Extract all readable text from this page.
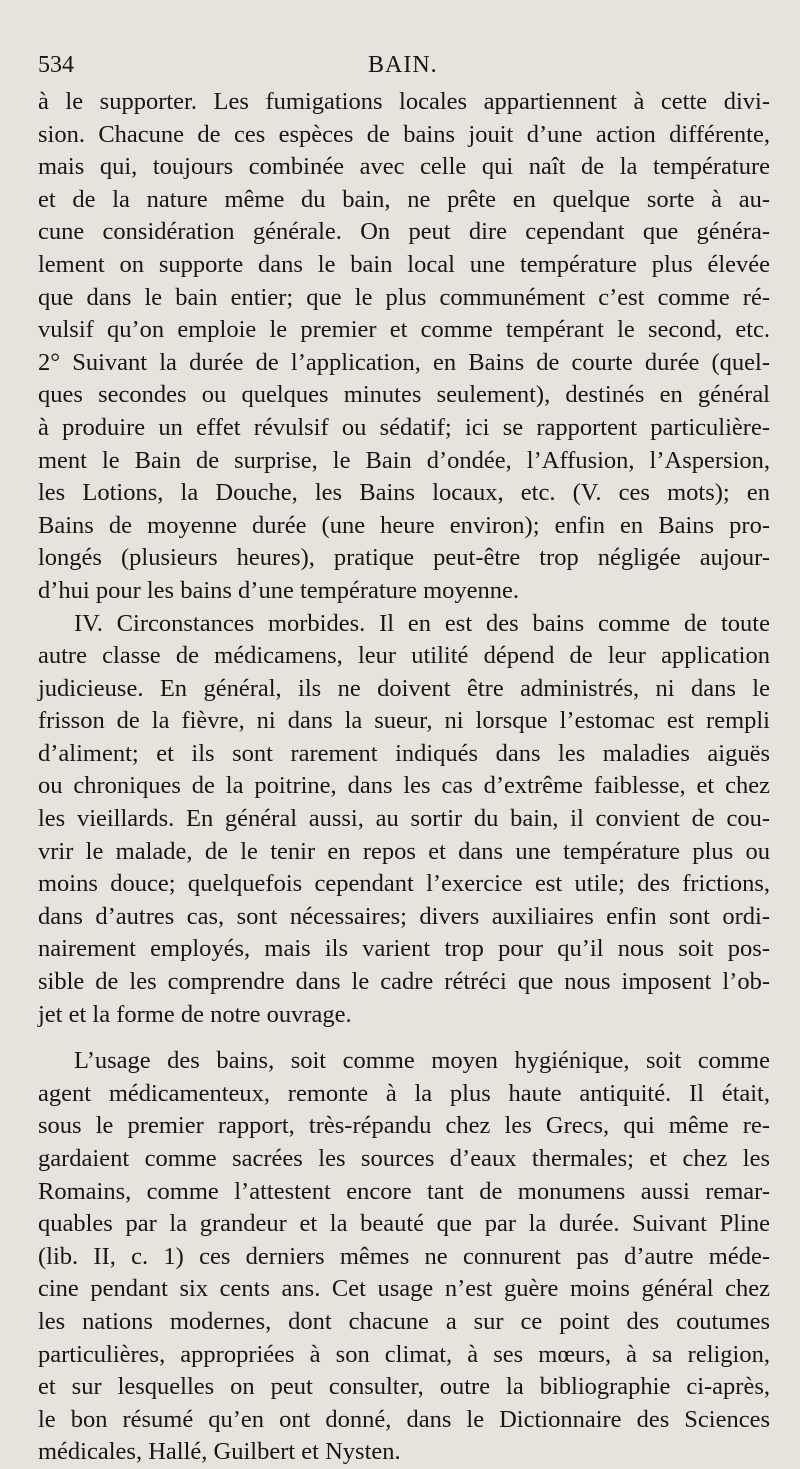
534	BAIN.
à le supporter. Les fumigations locales appartiennent à cette divi-
sion. Chacune de ces espèces de bains jouit d’une action différente,
mais qui, toujours combinée avec celle qui naît de la température
et de la nature même du bain, ne prête en quelque sorte à au-
cune considération générale. On peut dire cependant que généra-
lement on supporte dans le bain local une température plus élevée
que dans le bain entier; que le plus communément c’est comme ré-
vulsif qu’on emploie le premier et comme tempérant le second, etc.
2° Suivant la durée de l’application, en Bains de courte durée (quel-
ques secondes ou quelques minutes seulement), destinés en général
à produire un effet révulsif ou sédatif; ici se rapportent particulière-
ment le Bain de surprise, le Bain d’ondée, l’Affusion, l’Aspersion,
les Lotions, la Douche, les Bains locaux, etc. (V. ces mots); en
Bains de moyenne durée (une heure environ); enfin en Bains pro-
longés (plusieurs heures), pratique peut-être trop négligée aujour-
d’hui pour les bains d’une température moyenne.
IV. Circonstances morbides. Il en est des bains comme de toute
autre classe de médicamens, leur utilité dépend de leur application
judicieuse. En général, ils ne doivent être administrés, ni dans le
frisson de la fièvre, ni dans la sueur, ni lorsque l’estomac est rempli
d’aliment; et ils sont rarement indiqués dans les maladies aiguës
ou chroniques de la poitrine, dans les cas d’extrême faiblesse, et chez
les vieillards. En général aussi, au sortir du bain, il convient de cou-
vrir le malade, de le tenir en repos et dans une température plus ou
moins douce; quelquefois cependant l’exercice est utile; des frictions,
dans d’autres cas, sont nécessaires; divers auxiliaires enfin sont ordi-
nairement employés, mais ils varient trop pour qu’il nous soit pos-
sible de les comprendre dans le cadre rétréci que nous imposent l’ob-
jet et la forme de notre ouvrage.
L’usage des bains, soit comme moyen hygiénique, soit comme
agent médicamenteux, remonte à la plus haute antiquité. Il était,
sous le premier rapport, très-répandu chez les Grecs, qui même re-
gardaient comme sacrées les sources d’eaux thermales; et chez les
Romains, comme l’attestent encore tant de monumens aussi remar-
quables par la grandeur et la beauté que par la durée. Suivant Pline
(lib. II, c. 1) ces derniers mêmes ne connurent pas d’autre méde-
cine pendant six cents ans. Cet usage n’est guère moins général chez
les nations modernes, dont chacune a sur ce point des coutumes
particulières, appropriées à son climat, à ses mœurs, à sa religion,
et sur lesquelles on peut consulter, outre la bibliographie ci-après,
le bon résumé qu’en ont donné, dans le Dictionnaire des Sciences
médicales, Hallé, Guilbert et Nysten.
